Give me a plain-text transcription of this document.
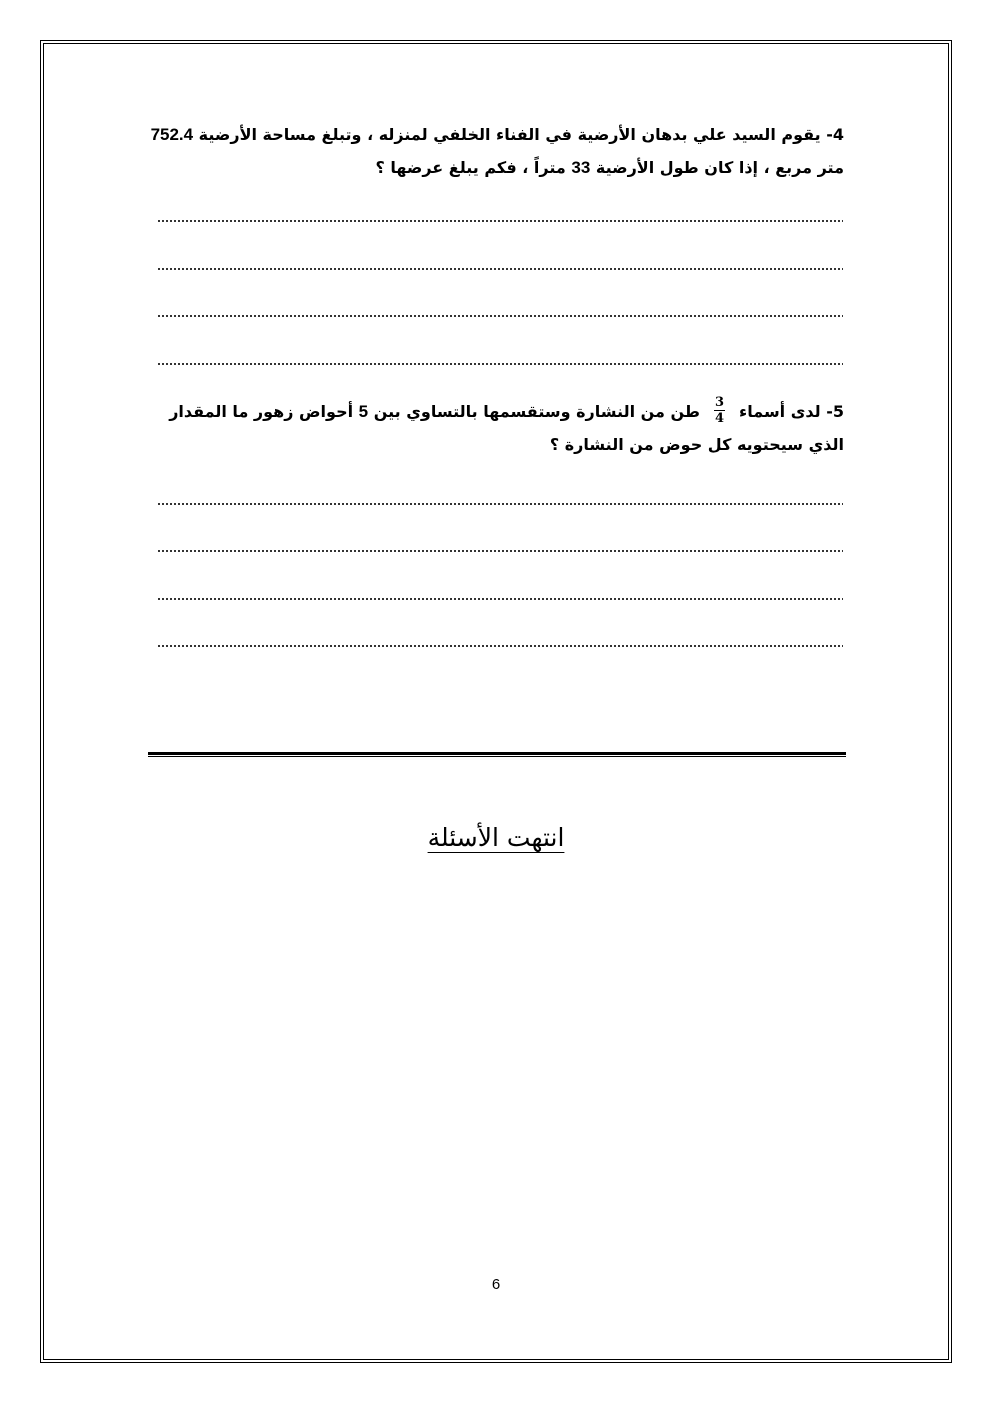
4- يقوم السيد علي بدهان الأرضية في الفناء الخلفي لمنزله ، وتبلغ مساحة الأرضية 752.4 متر مربع ، إذا كان طول الأرضية 33 متراً ، فكم يبلغ عرضها ؟
5- لدى أسماء
$\frac{3}{4}$
طن من النشارة وستقسمها بالتساوي بين 5 أحواض زهور ما المقدار الذي سيحتويه كل حوض من النشارة ؟
انتهت الأسئلة
6
